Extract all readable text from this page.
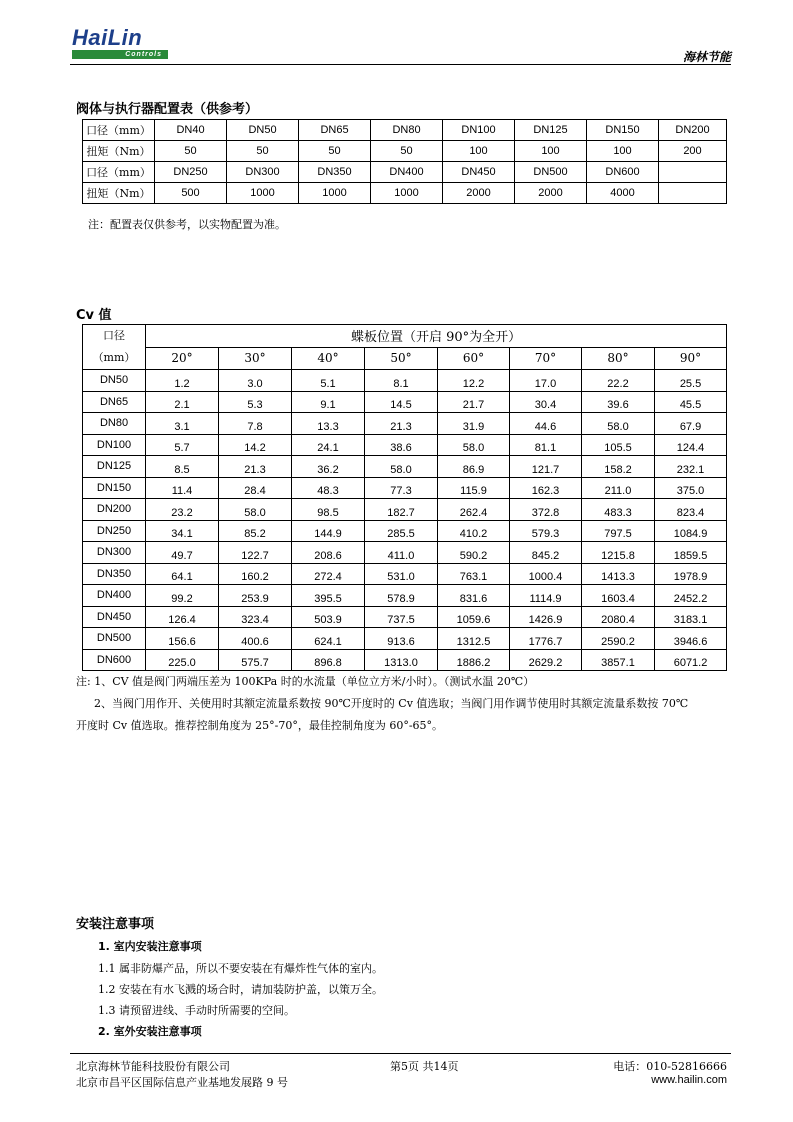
HaiLin
Controls	海林节能
阀体与执行器配置表（供参考）
口径（mm）	DN40	DN50	DN65	DN80	DN100	DN125	DN150	DN200
扭矩（Nm）	50	50	50	50	100	100	100	200
口径（mm）	DN250	DN300	DN350	DN400	DN450	DN500	DN600	
扭矩（Nm）	500	1000	1000	1000	2000	2000	4000	
注：配置表仅供参考，以实物配置为准。
Cv 值
口径
（mm）	蝶板位置（开启 90°为全开）							
	20°	30°	40°	50°	60°	70°	80°	90°
DN50	1.2	3.0	5.1	8.1	12.2	17.0	22.2	25.5
DN65	2.1	5.3	9.1	14.5	21.7	30.4	39.6	45.5
DN80	3.1	7.8	13.3	21.3	31.9	44.6	58.0	67.9
DN100	5.7	14.2	24.1	38.6	58.0	81.1	105.5	124.4
DN125	8.5	21.3	36.2	58.0	86.9	121.7	158.2	232.1
DN150	11.4	28.4	48.3	77.3	115.9	162.3	211.0	375.0
DN200	23.2	58.0	98.5	182.7	262.4	372.8	483.3	823.4
DN250	34.1	85.2	144.9	285.5	410.2	579.3	797.5	1084.9
DN300	49.7	122.7	208.6	411.0	590.2	845.2	1215.8	1859.5
DN350	64.1	160.2	272.4	531.0	763.1	1000.4	1413.3	1978.9
DN400	99.2	253.9	395.5	578.9	831.6	1114.9	1603.4	2452.2
DN450	126.4	323.4	503.9	737.5	1059.6	1426.9	2080.4	3183.1
DN500	156.6	400.6	624.1	913.6	1312.5	1776.7	2590.2	3946.6
DN600	225.0	575.7	896.8	1313.0	1886.2	2629.2	3857.1	6071.2
注: 1、CV 值是阀门两端压差为 100KPa 时的水流量（单位立方米/小时）。（测试水温 20℃）
2、当阀门用作开、关使用时其额定流量系数按 90℃开度时的 Cv 值选取；当阀门用作调节使用时其额定流量系数按 70℃
开度时 Cv 值选取。推荐控制角度为 25°-70°，最佳控制角度为 60°-65°。
安装注意事项
1. 室内安装注意事项
1.1 属非防爆产品，所以不要安装在有爆炸性气体的室内。
1.2 安装在有水飞溅的场合时，请加装防护盖，以策万全。
1.3 请预留进线、手动时所需要的空间。
2. 室外安装注意事项
北京海林节能科技股份有限公司
北京市昌平区国际信息产业基地发展路 9 号
第5页 共14页	电话：010-52816666
www.hailin.com
